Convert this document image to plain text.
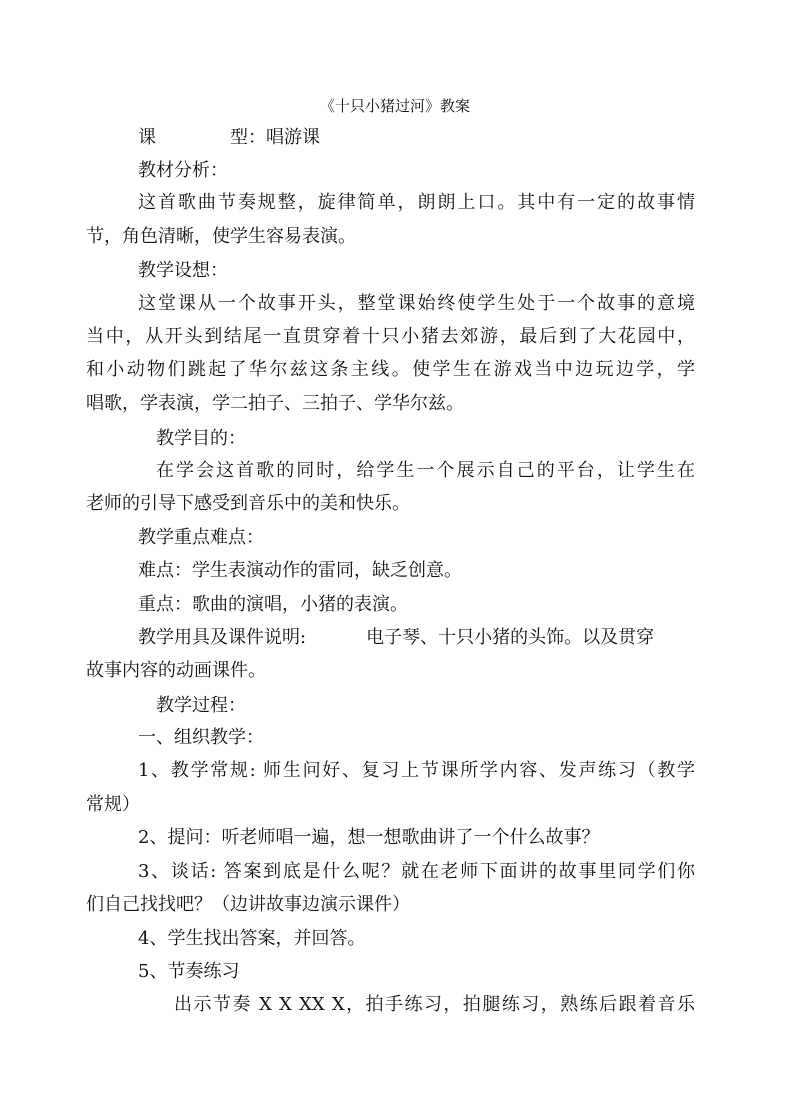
《十只小猪过河》教案
课	型：唱游课
教材分析：
这首歌曲节奏规整，旋律简单，朗朗上口。其中有一定的故事情
节，角色清晰，使学生容易表演。
教学设想：
这堂课从一个故事开头，整堂课始终使学生处于一个故事的意境
当中，从开头到结尾一直贯穿着十只小猪去郊游，最后到了大花园中，
和小动物们跳起了华尔兹这条主线。使学生在游戏当中边玩边学，学
唱歌，学表演，学二拍子、三拍子、学华尔兹。
教学目的：
在学会这首歌的同时，给学生一个展示自己的平台，让学生在
老师的引导下感受到音乐中的美和快乐。
教学重点难点：
难点：学生表演动作的雷同，缺乏创意。
重点：歌曲的演唱，小猪的表演。
教学用具及课件说明:	电子琴、十只小猪的头饰。以及贯穿
故事内容的动画课件。
教学过程：
一、组织教学：
1、教学常规: 师生问好、复习上节课所学内容、发声练习（教学
常规）
2、提问：听老师唱一遍，想一想歌曲讲了一个什么故事？
3、谈话: 答案到底是什么呢？就在老师下面讲的故事里同学们你
们自己找找吧？（边讲故事边演示课件）
4、学生找出答案，并回答。
5、节奏练习
出示节奏 X X XX X，拍手练习，拍腿练习，熟练后跟着音乐
